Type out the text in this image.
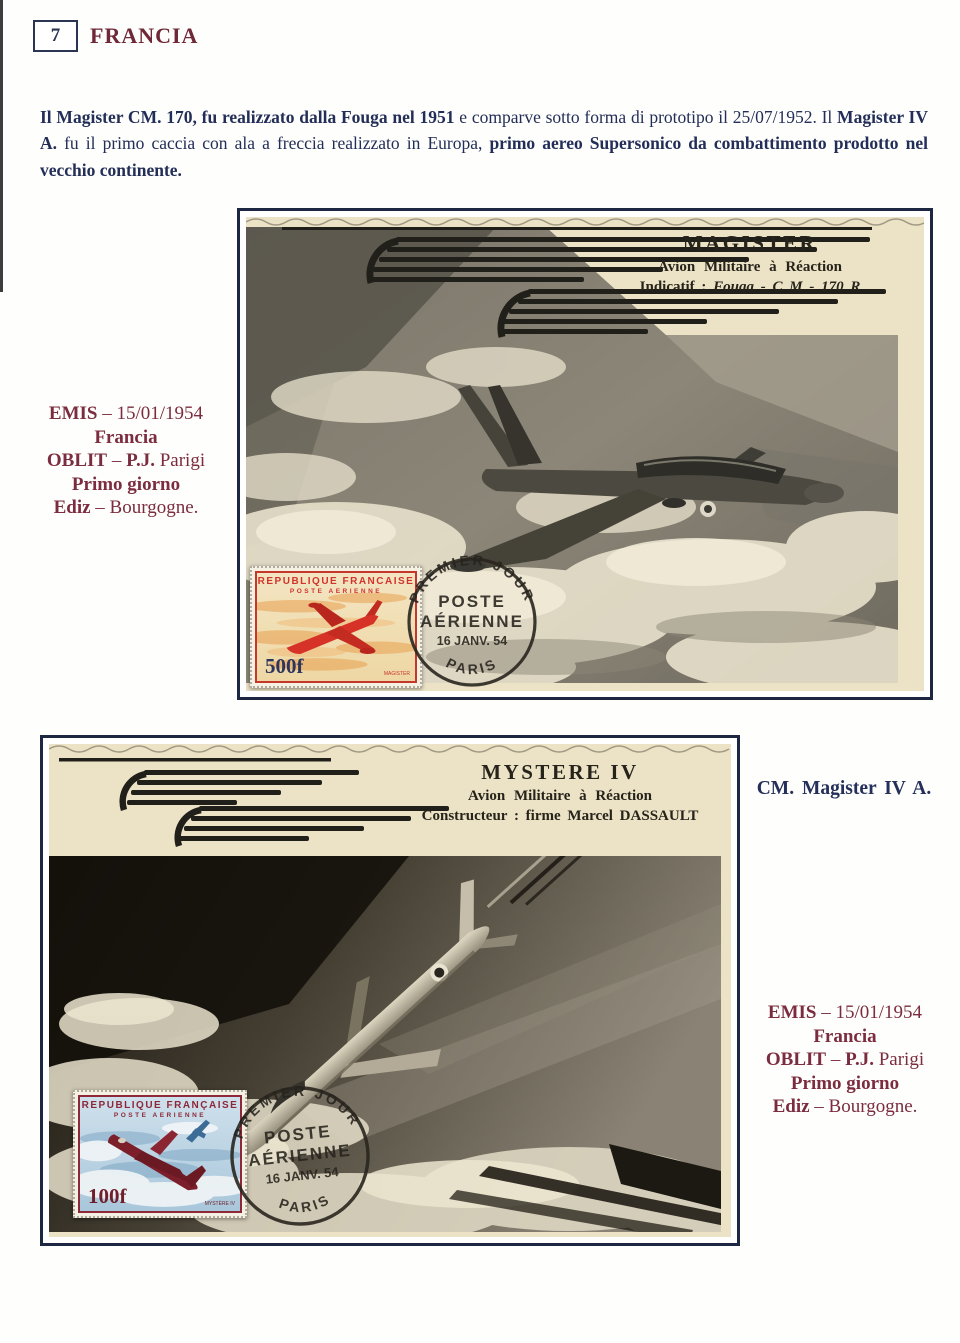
7 FRANCIA

Il Magister CM. 170, fu realizzato dalla Fouga nel 1951 e comparve sotto forma di prototipo il 25/07/1952. Il Magister IV A. fu il primo caccia con ala a freccia realizzato in Europa, primo aereo Supersonico da combattimento prodotto nel vecchio continente.

MAGISTER
Avion Militaire à Réaction
Indicatif : Fouga - C M - 170 R
REPUBLIQUE FRANCAISE
POSTE AERIENNE
500f	MAGISTER
PREMIER JOUR
POSTE
AÉRIENNE
16 JANV. 54
PARIS
EMIS – 15/01/1954
Francia
OBLIT – P.J. Parigi
Primo giorno
Ediz – Bourgogne.
MYSTERE IV
Avion Militaire à Réaction
Constructeur : firme Marcel DASSAULT
REPUBLIQUE FRANÇAISE
POSTE AERIENNE
100f	MYSTÈRE IV
PREMIER JOUR
POSTE
AÉRIENNE
16 JANV. 54
PARIS
CM. Magister IV A.
EMIS – 15/01/1954
Francia
OBLIT – P.J. Parigi
Primo giorno
Ediz – Bourgogne.
